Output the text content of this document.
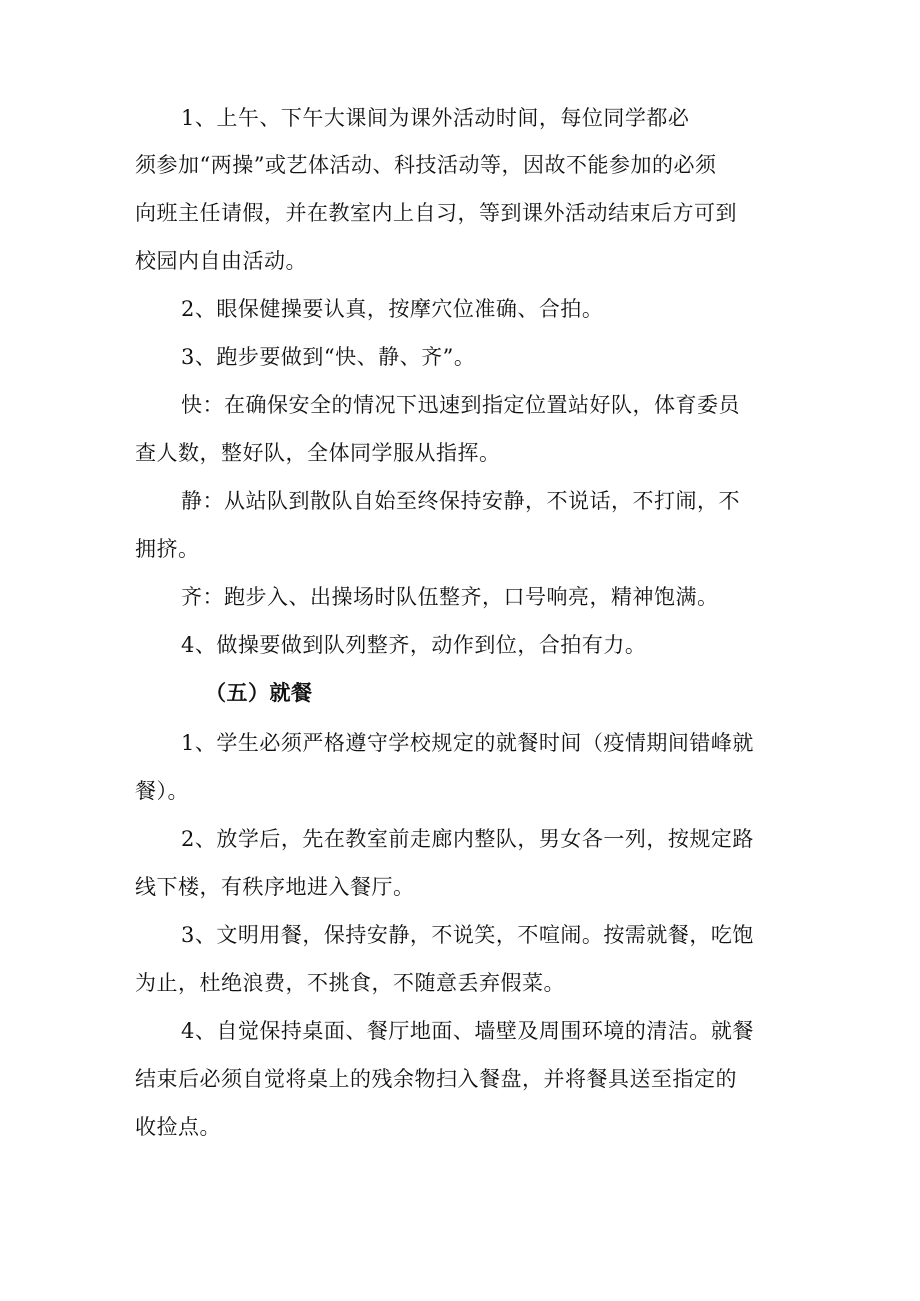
1、上午、下午大课间为课外活动时间，每位同学都必
须参加“两操”或艺体活动、科技活动等，因故不能参加的必须
向班主任请假，并在教室内上自习，等到课外活动结束后方可到
校园内自由活动。
2、眼保健操要认真，按摩穴位准确、合拍。
3、跑步要做到“快、静、齐”。
快：在确保安全的情况下迅速到指定位置站好队，体育委员
查人数，整好队，全体同学服从指挥。
静：从站队到散队自始至终保持安静，不说话，不打闹，不
拥挤。
齐：跑步入、出操场时队伍整齐，口号响亮，精神饱满。
4、做操要做到队列整齐，动作到位，合拍有力。
（五）就餐
1、学生必须严格遵守学校规定的就餐时间（疫情期间错峰就
餐）。
2、放学后，先在教室前走廊内整队，男女各一列，按规定路
线下楼，有秩序地进入餐厅。
3、文明用餐，保持安静，不说笑，不喧闹。按需就餐，吃饱
为止，杜绝浪费，不挑食，不随意丢弃假菜。
4、自觉保持桌面、餐厅地面、墙壁及周围环境的清洁。就餐
结束后必须自觉将桌上的残余物扫入餐盘，并将餐具送至指定的
收捡点。
